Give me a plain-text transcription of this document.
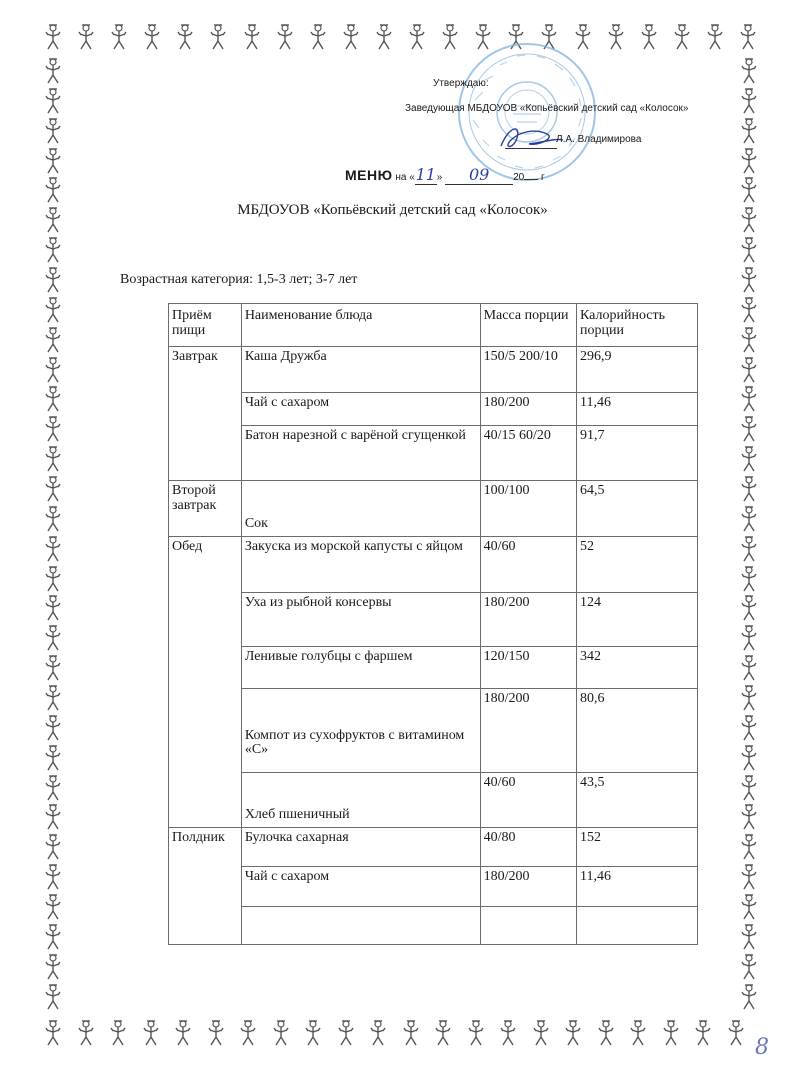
Утверждаю:
Заведующая МБДОУОВ «Копьёвский детский сад «Колосок»
Л.А. Владимирова
МЕНЮ на «11» 09 20 г
МБДОУОВ «Копьёвский детский сад «Колосок»
Возрастная категория: 1,5-3 лет; 3-7 лет
Приём пищи	Наименование блюда	Масса порции	Калорийность порции
Завтрак	Каша Дружба	150/5 200/10	296,9
	Чай с сахаром	180/200	11,46
	Батон нарезной с варёной сгущенкой	40/15 60/20	91,7
Второй завтрак	Сок	100/100	64,5
Обед	Закуска из морской капусты с яйцом	40/60	52
	Уха из рыбной консервы	180/200	124
	Ленивые голубцы с фаршем	120/150	342
	Компот из сухофруктов с витамином «С»	180/200	80,6
	Хлеб пшеничный	40/60	43,5
Полдник	Булочка сахарная	40/80	152
	Чай с сахаром	180/200	11,46

8
